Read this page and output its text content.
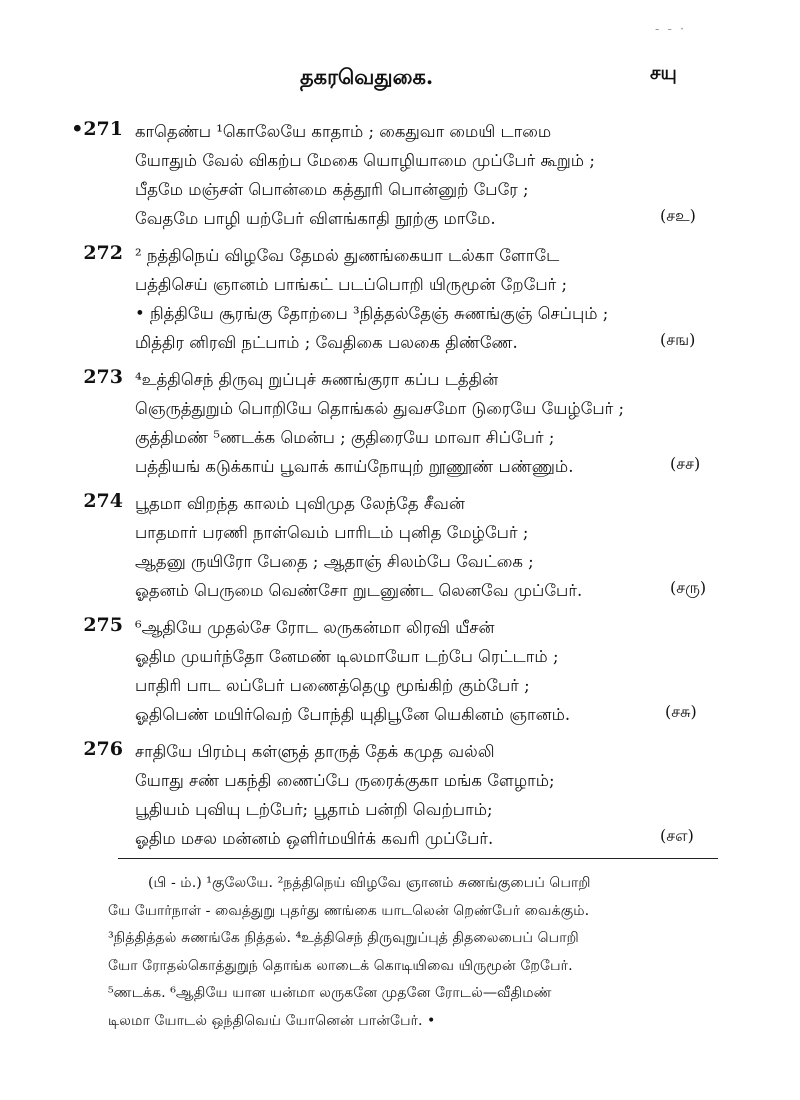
- - ·
தகரவெதுகை.	சயு
•271 காதெண்ப ¹கொலேயே காதாம் ; கைதுவா மையி டாமை
யோதும் வேல் விகற்ப மேகை யொழியாமை முப்பேர் கூறும் ;
பீதமே மஞ்சள் பொன்மை கத்தூரி பொன்னுற் பேரே ;
வேதமே பாழி யற்பேர் விளங்காதி நூற்கு மாமே.	(சஉ)
272 ² நத்திநெய் விழவே தேமல் துணங்கையா டல்கா ளோடே
பத்திசெய் ஞானம் பாங்கட் படப்பொறி யிருமூன் றேபேர் ;
• நித்தியே சூரங்கு தோற்பை ³நித்தல்தேஞ் சுணங்குஞ் செப்பும் ;
மித்திர னிரவி நட்பாம் ; வேதிகை பலகை திண்ணே.	(சங)
273 ⁴உத்திசெந் திருவு றுப்புச் சுணங்குரா கப்ப டத்தின்
ஞெருத்துறும் பொறியே தொங்கல் துவசமோ டுரையே யேழ்பேர் ;
குத்திமண் ⁵ணடக்க மென்ப ; குதிரையே மாவா சிப்பேர் ;
பத்தியங் கடுக்காய் பூவாக் காய்நோயுற் றூணூண் பண்ணும்.	(சச)
274 பூதமா விறந்த காலம் புவிமுத லேந்தே சீவன்
பாதமார் பரணி நாள்வெம் பாரிடம் புனித மேழ்பேர் ;
ஆதனு ருயிரோ பேதை ; ஆதாஞ் சிலம்பே வேட்கை ;
ஓதனம் பெருமை வெண்சோ றுடனுண்ட லெனவே முப்பேர்.	(சரு)
275 ⁶ஆதியே முதல்சே ரோட லருகன்மா லிரவி யீசன்
ஓதிம முயர்ந்தோ னேமண் டிலமாயோ டற்பே ரெட்டாம் ;
பாதிரி பாட லப்பேர் பணைத்தெழு மூங்கிற் கும்பேர் ;
ஓதிபெண் மயிர்வெற் போந்தி யுதிபூனே யெகினம் ஞானம்.	(சசு)
276 சாதியே பிரம்பு கள்ளுத் தாருத் தேக் கமுத வல்லி
யோது சண் பகந்தி ணைப்பே ருரைக்குகா மங்க ளேழாம்;
பூதியம் புவியு டற்பேர்; பூதாம் பன்றி வெற்பாம்;
ஓதிம மசல மன்னம் ஒளிர்மயிர்க் கவரி முப்பேர்.	(சஎ)
(பி - ம்.) ¹குலேயே. ²நத்திநெய் விழவே ஞானம் சுணங்குபைப் பொறி
யே யோர்நாள் - வைத்துறு புதர்து ணங்கை யாடலென் றெண்பேர் வைக்கும்.
³நித்தித்தல் சுணங்கே நித்தல். ⁴உத்திசெந் திருவுறுப்புத் திதலைபைப் பொறி
யோ ரோதல்கொத்துறுந் தொங்க லாடைக் கொடியிவை யிருமூன் றேபேர்.
⁵ணடக்க. ⁶ஆதியே யான யன்மா லருகனே முதனே ரோடல்—வீதிமண்
டிலமா யோடல் ஒந்திவெய் யோனென் பான்பேர். •
